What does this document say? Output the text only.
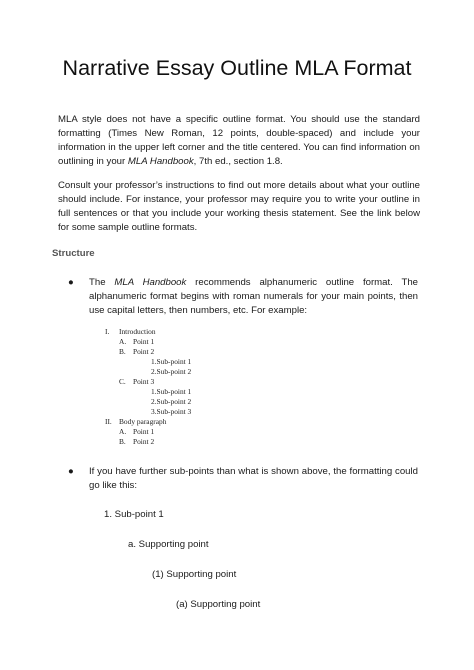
Narrative Essay Outline MLA Format

MLA style does not have a specific outline format. You should use the standard formatting (Times New Roman, 12 points, double-spaced) and include your information in the upper left corner and the title centered. You can find information on outlining in your MLA Handbook, 7th ed., section 1.8.

Consult your professor’s instructions to find out more details about what your outline should include. For instance, your professor may require you to write your outline in full sentences or that you include your working thesis statement. See the link below for some sample outline formats.

Structure
● The MLA Handbook recommends alphanumeric outline format. The alphanumeric format begins with roman numerals for your main points, then use capital letters, then numbers, etc. For example:
I. Introduction
A. Point 1
B. Point 2
1.Sub-point 1
2.Sub-point 2
C. Point 3
1.Sub-point 1
2.Sub-point 2
3.Sub-point 3
II. Body paragraph
A. Point 1
B. Point 2
● If you have further sub-points than what is shown above, the formatting could go like this:
1. Sub-point 1
a. Supporting point
(1) Supporting point
(a) Supporting point
